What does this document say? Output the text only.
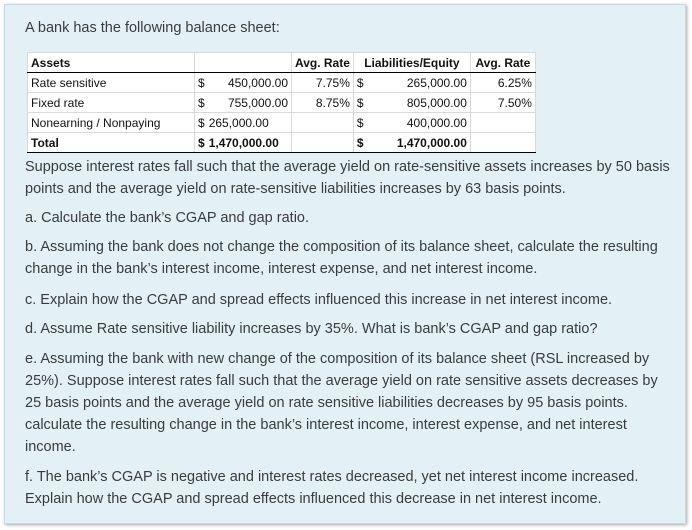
A bank has the following balance sheet:
Assets		Avg. Rate	Liabilities/Equity	Avg. Rate
Rate sensitive	$ 450,000.00	7.75%	$ 265,000.00	6.25%
Fixed rate	$ 755,000.00	8.75%	$ 805,000.00	7.50%
Nonearning / Nonpaying	$ 265,000.00		$ 400,000.00	

Total	$ 1,470,000.00		$ 1,470,000.00	

Suppose interest rates fall such that the average yield on rate-sensitive assets increases by 50 basis points and the average yield on rate-sensitive liabilities increases by 63 basis points.
a. Calculate the bank’s CGAP and gap ratio.
b. Assuming the bank does not change the composition of its balance sheet, calculate the resulting change in the bank’s interest income, interest expense, and net interest income.
c. Explain how the CGAP and spread effects influenced this increase in net interest income.
d. Assume Rate sensitive liability increases by 35%. What is bank’s CGAP and gap ratio?
e. Assuming the bank with new change of the composition of its balance sheet (RSL increased by 25%). Suppose interest rates fall such that the average yield on rate sensitive assets decreases by 25 basis points and the average yield on rate sensitive liabilities decreases by 95 basis points. calculate the resulting change in the bank’s interest income, interest expense, and net interest income.
f. The bank’s CGAP is negative and interest rates decreased, yet net interest income increased. Explain how the CGAP and spread effects influenced this decrease in net interest income.
